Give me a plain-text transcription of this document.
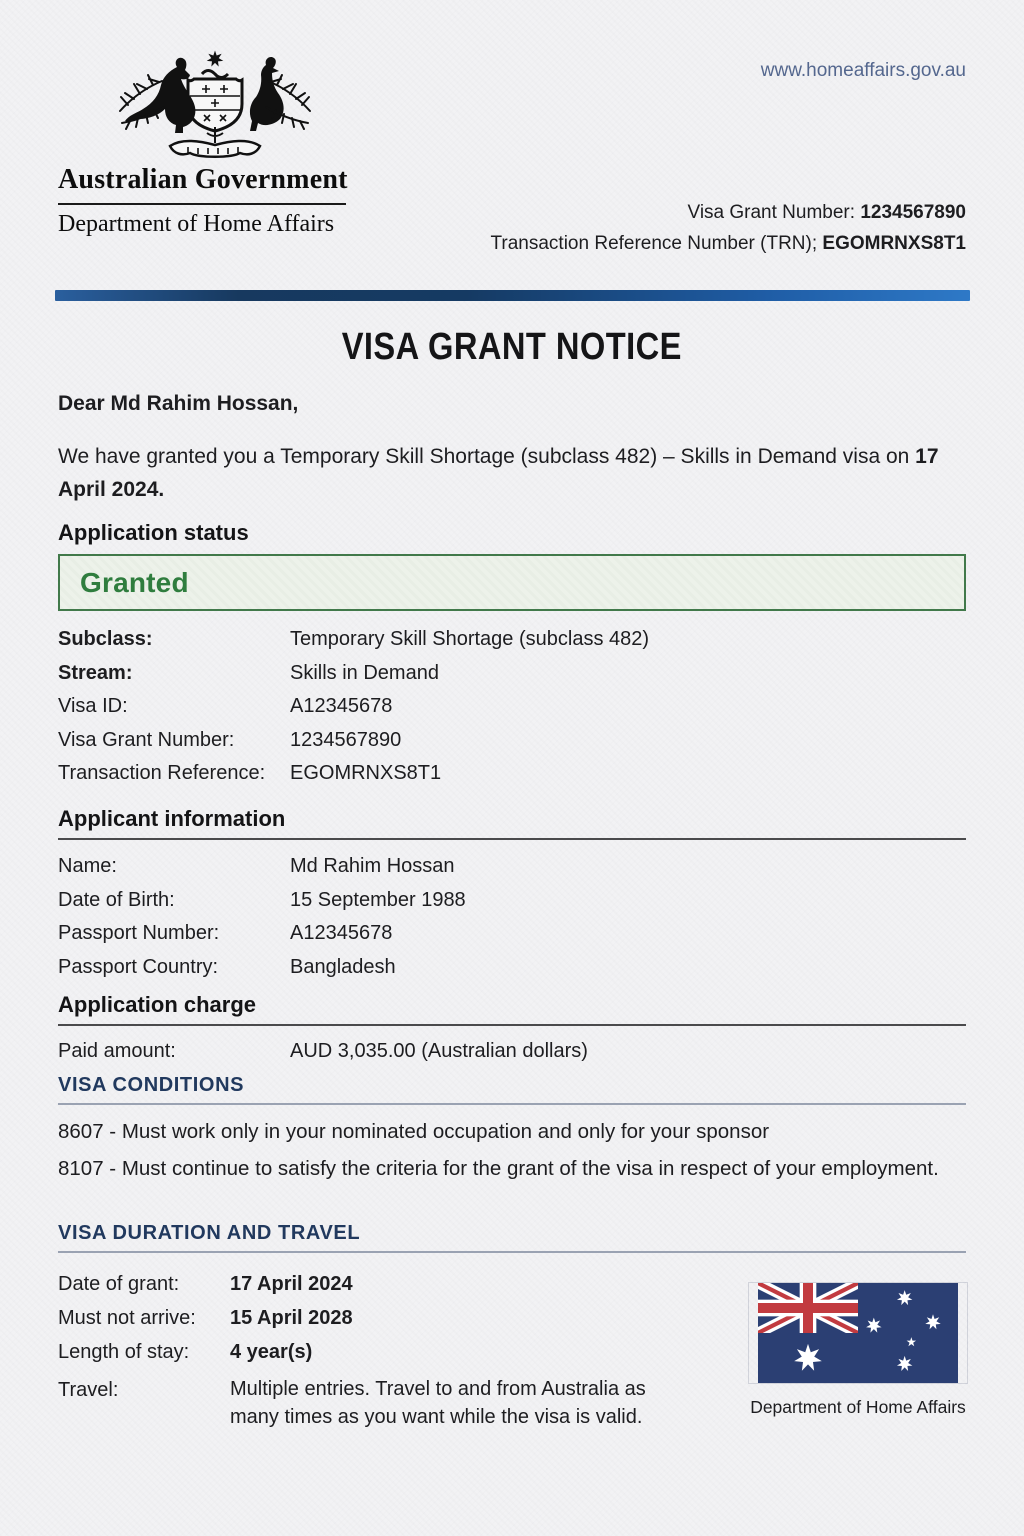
www.homeaffairs.gov.au
Australian Government
Department of Home Affairs	Visa Grant Number: 1234567890
Transaction Reference Number (TRN); EGOMRNXS8T1
VISA GRANT NOTICE
Dear Md Rahim Hossan,
We have granted you a Temporary Skill Shortage (subclass 482) – Skills in Demand visa on 17 April 2024.
Application status
Granted
Subclass:	Temporary Skill Shortage (subclass 482)
Stream:	Skills in Demand
Visa ID:	A12345678
Visa Grant Number:	1234567890
Transaction Reference:	EGOMRNXS8T1
Applicant information
Name:	Md Rahim Hossan
Date of Birth:	15 September 1988
Passport Number:	A12345678
Passport Country:	Bangladesh
Application charge
Paid amount:	AUD 3,035.00 (Australian dollars)
VISA CONDITIONS
8607 - Must work only in your nominated occupation and only for your sponsor
8107 - Must continue to satisfy the criteria for the grant of the visa in respect of your employment.
VISA DURATION AND TRAVEL
Date of grant:	17 April 2024
Must not arrive:	15 April 2028
Length of stay:	4 year(s)
Travel:	Multiple entries. Travel to and from Australia as many times as you want while the visa is valid.	Department of Home Affairs
